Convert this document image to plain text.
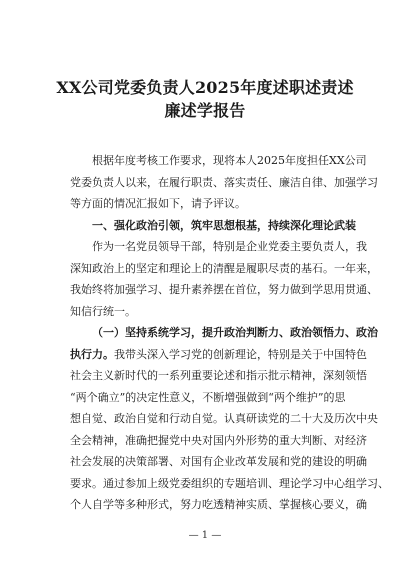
XX公司党委负责人2025年度述职述责述
廉述学报告
根据年度考核工作要求，现将本人2025年度担任XX公司
党委负责人以来，在履行职责、落实责任、廉洁自律、加强学习
等方面的情况汇报如下，请予评议。
一、强化政治引领，筑牢思想根基，持续深化理论武装
作为一名党员领导干部，特别是企业党委主要负责人，我
深知政治上的坚定和理论上的清醒是履职尽责的基石。一年来，
我始终将加强学习、提升素养摆在首位，努力做到学思用贯通、
知信行统一。
（一）坚持系统学习，提升政治判断力、政治领悟力、政治
执行力。我带头深入学习党的创新理论，特别是关于中国特色
社会主义新时代的一系列重要论述和指示批示精神，深刻领悟
“两个确立”的决定性意义，不断增强做到“两个维护”的思
想自觉、政治自觉和行动自觉。认真研读党的二十大及历次中央
全会精神，准确把握党中央对国内外形势的重大判断、对经济
社会发展的决策部署、对国有企业改革发展和党的建设的明确
要求。通过参加上级党委组织的专题培训、理论学习中心组学习、
个人自学等多种形式，努力吃透精神实质、掌握核心要义，确
— 1 —
